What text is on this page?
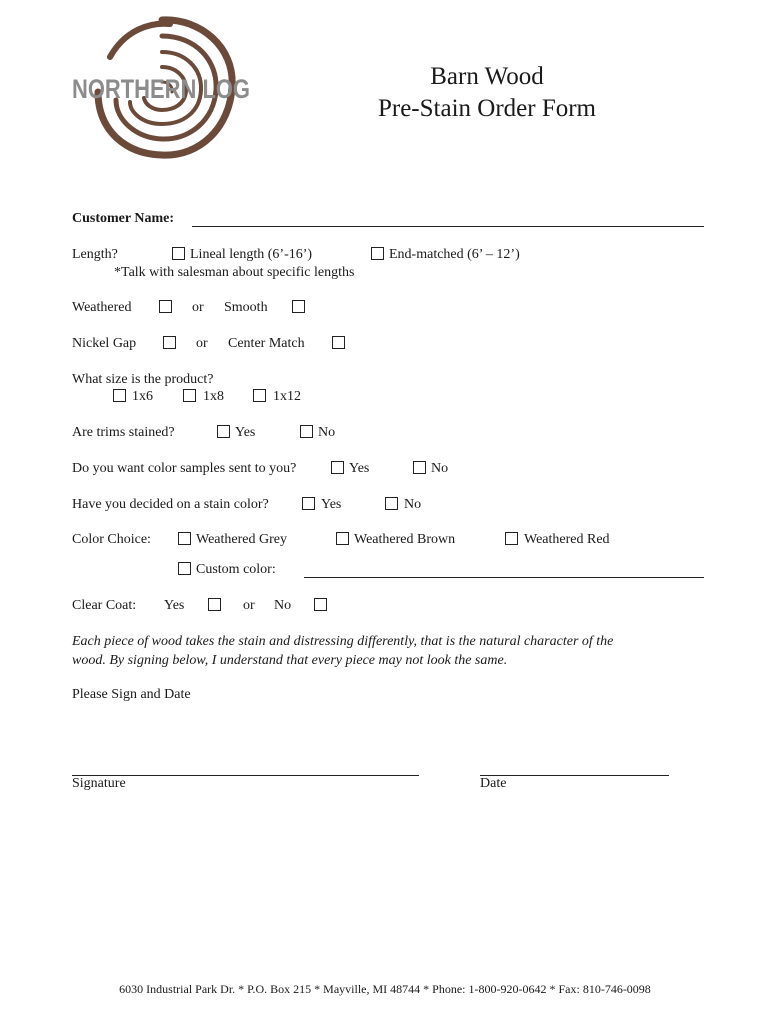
NORTHERN LOG	Barn Wood
Pre-Stain Order Form
Customer Name:
Length?	Lineal length (6’-16’)	End-matched (6’ – 12’)
*Talk with salesman about specific lengths
Weathered	or Smooth
Nickel Gap	or Center Match
What size is the product?
1x6	1x8	1x12
Are trims stained?	Yes	No
Do you want color samples sent to you?	Yes	No
Have you decided on a stain color?	Yes	No
Color Choice:	Weathered Grey	Weathered Brown	Weathered Red
Custom color:
Clear Coat: Yes	or No
Each piece of wood takes the stain and distressing differently, that is the natural character of the
wood. By signing below, I understand that every piece may not look the same.
Please Sign and Date
Signature	Date
6030 Industrial Park Dr. * P.O. Box 215 * Mayville, MI 48744 * Phone: 1-800-920-0642 * Fax: 810-746-0098
